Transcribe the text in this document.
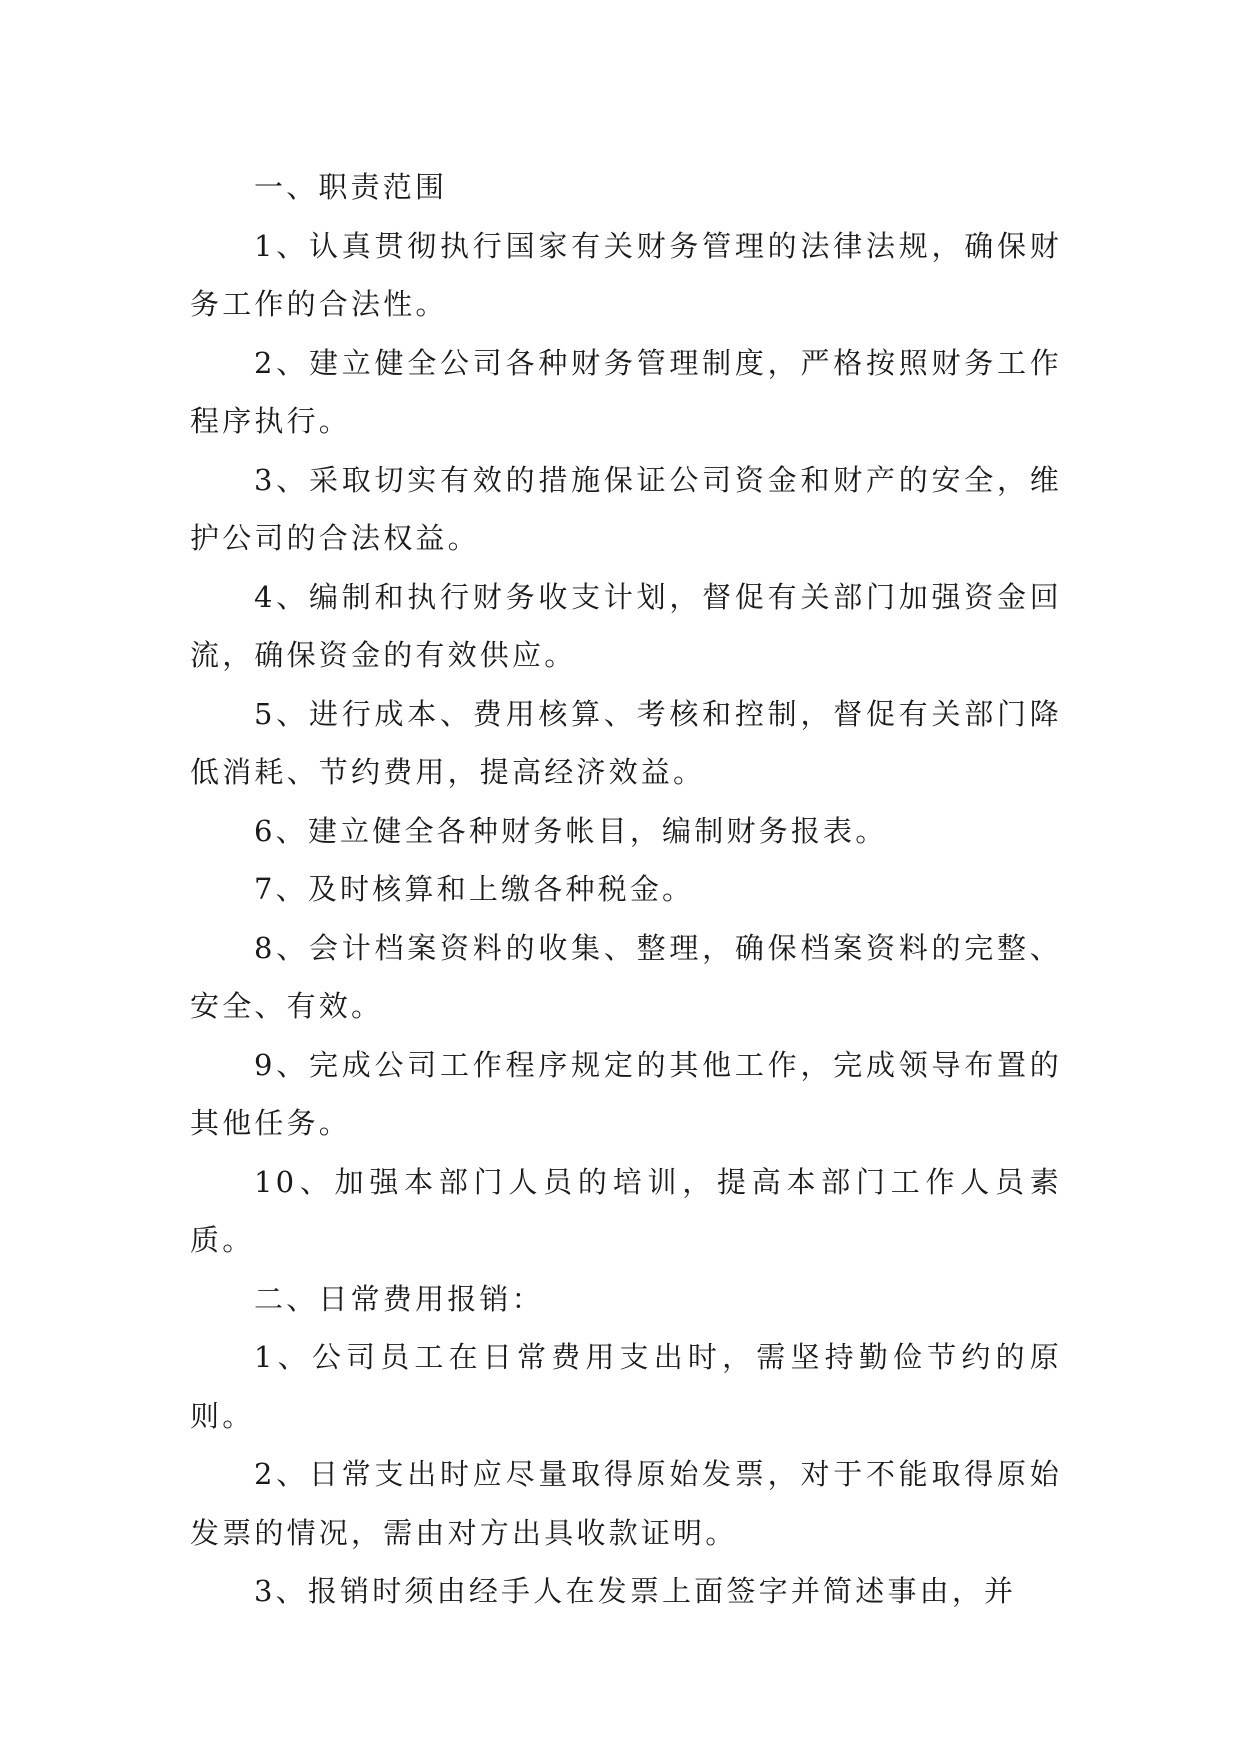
一、职责范围

1、认真贯彻执行国家有关财务管理的法律法规，确保财务工作的合法性。

2、建立健全公司各种财务管理制度，严格按照财务工作程序执行。

3、采取切实有效的措施保证公司资金和财产的安全，维护公司的合法权益。

4、编制和执行财务收支计划，督促有关部门加强资金回流，确保资金的有效供应。

5、进行成本、费用核算、考核和控制，督促有关部门降低消耗、节约费用，提高经济效益。

6、建立健全各种财务帐目，编制财务报表。

7、及时核算和上缴各种税金。

8、会计档案资料的收集、整理，确保档案资料的完整、安全、有效。

9、完成公司工作程序规定的其他工作，完成领导布置的其他任务。

10、加强本部门人员的培训，提高本部门工作人员素质。

二、日常费用报销：

1、公司员工在日常费用支出时，需坚持勤俭节约的原则。

2、日常支出时应尽量取得原始发票，对于不能取得原始发票的情况，需由对方出具收款证明。

3、报销时须由经手人在发票上面签字并简述事由，并
